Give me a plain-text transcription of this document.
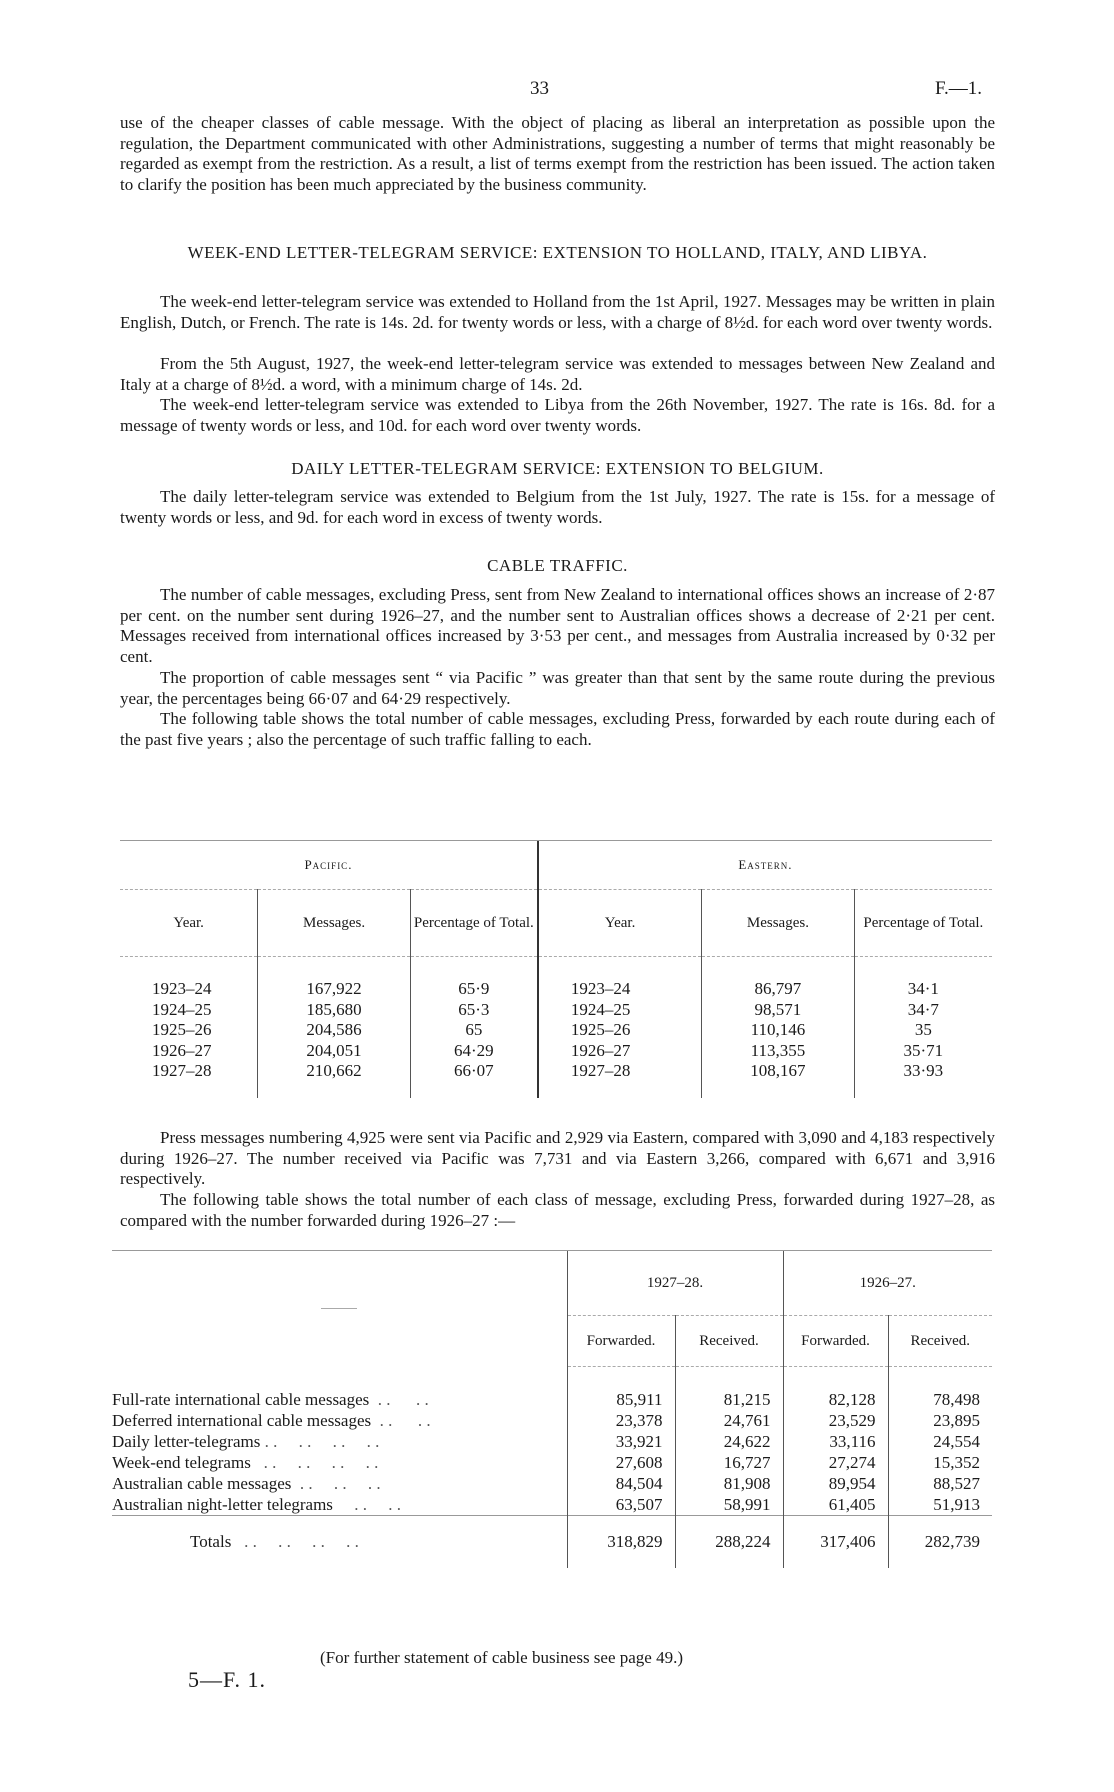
33	F.—1.

use of the cheaper classes of cable message. With the object of placing as liberal an interpretation as possible upon the regulation, the Department communicated with other Administrations, suggesting a number of terms that might reasonably be regarded as exempt from the restriction. As a result, a list of terms exempt from the restriction has been issued. The action taken to clarify the position has been much appreciated by the business community.

WEEK-END LETTER-TELEGRAM SERVICE: EXTENSION TO HOLLAND, ITALY, AND LIBYA.

The week-end letter-telegram service was extended to Holland from the 1st April, 1927. Messages may be written in plain English, Dutch, or French. The rate is 14s. 2d. for twenty words or less, with a charge of 8½d. for each word over twenty words.

From the 5th August, 1927, the week-end letter-telegram service was extended to messages between New Zealand and Italy at a charge of 8½d. a word, with a minimum charge of 14s. 2d.

The week-end letter-telegram service was extended to Libya from the 26th November, 1927. The rate is 16s. 8d. for a message of twenty words or less, and 10d. for each word over twenty words.

DAILY LETTER-TELEGRAM SERVICE: EXTENSION TO BELGIUM.

The daily letter-telegram service was extended to Belgium from the 1st July, 1927. The rate is 15s. for a message of twenty words or less, and 9d. for each word in excess of twenty words.

CABLE TRAFFIC.

The number of cable messages, excluding Press, sent from New Zealand to international offices shows an increase of 2·87 per cent. on the number sent during 1926–27, and the number sent to Australian offices shows a decrease of 2·21 per cent. Messages received from international offices increased by 3·53 per cent., and messages from Australia increased by 0·32 per cent.

The proportion of cable messages sent “ via Pacific ” was greater than that sent by the same route during the previous year, the percentages being 66·07 and 64·29 respectively.

The following table shows the total number of cable messages, excluding Press, forwarded by each route during each of the past five years ; also the percentage of such traffic falling to each.

Pacific.			Eastern.		
Year.	Messages.	Percentage of Total.	Year.	Messages.	Percentage of Total.

1923–24	167,922	65·9	1923–24	86,797	34·1
1924–25	185,680	65·3	1924–25	98,571	34·7
1925–26	204,586	65	1925–26	110,146	35
1926–27	204,051	64·29	1926–27	113,355	35·71
1927–28	210,662	66·07	1927–28	108,167	33·93

Press messages numbering 4,925 were sent via Pacific and 2,929 via Eastern, compared with 3,090 and 4,183 respectively during 1926–27. The number received via Pacific was 7,731 and via Eastern 3,266, compared with 6,671 and 3,916 respectively.

The following table shows the total number of each class of message, excluding Press, forwarded during 1927–28, as compared with the number forwarded during 1926–27 :—

	1927–28.		1926–27.	
	Forwarded.	Received.	Forwarded.	Received.

Full-rate international cable messages  . .      . .	85,911	81,215	82,128	78,498
Deferred international cable messages  . .      . .	23,378	24,761	23,529	23,895
Daily letter-telegrams . .     . .     . .     . .	33,921	24,622	33,116	24,554
Week-end telegrams   . .     . .     . .     . .	27,608	16,727	27,274	15,352
Australian cable messages  . .     . .     . .	84,504	81,908	89,954	88,527
Australian night-letter telegrams     . .     . .	63,507	58,991	61,405	51,913
Totals   . .     . .     . .     . .	318,829	288,224	317,406	282,739
(For further statement of cable business see page 49.)
5—F. 1.
